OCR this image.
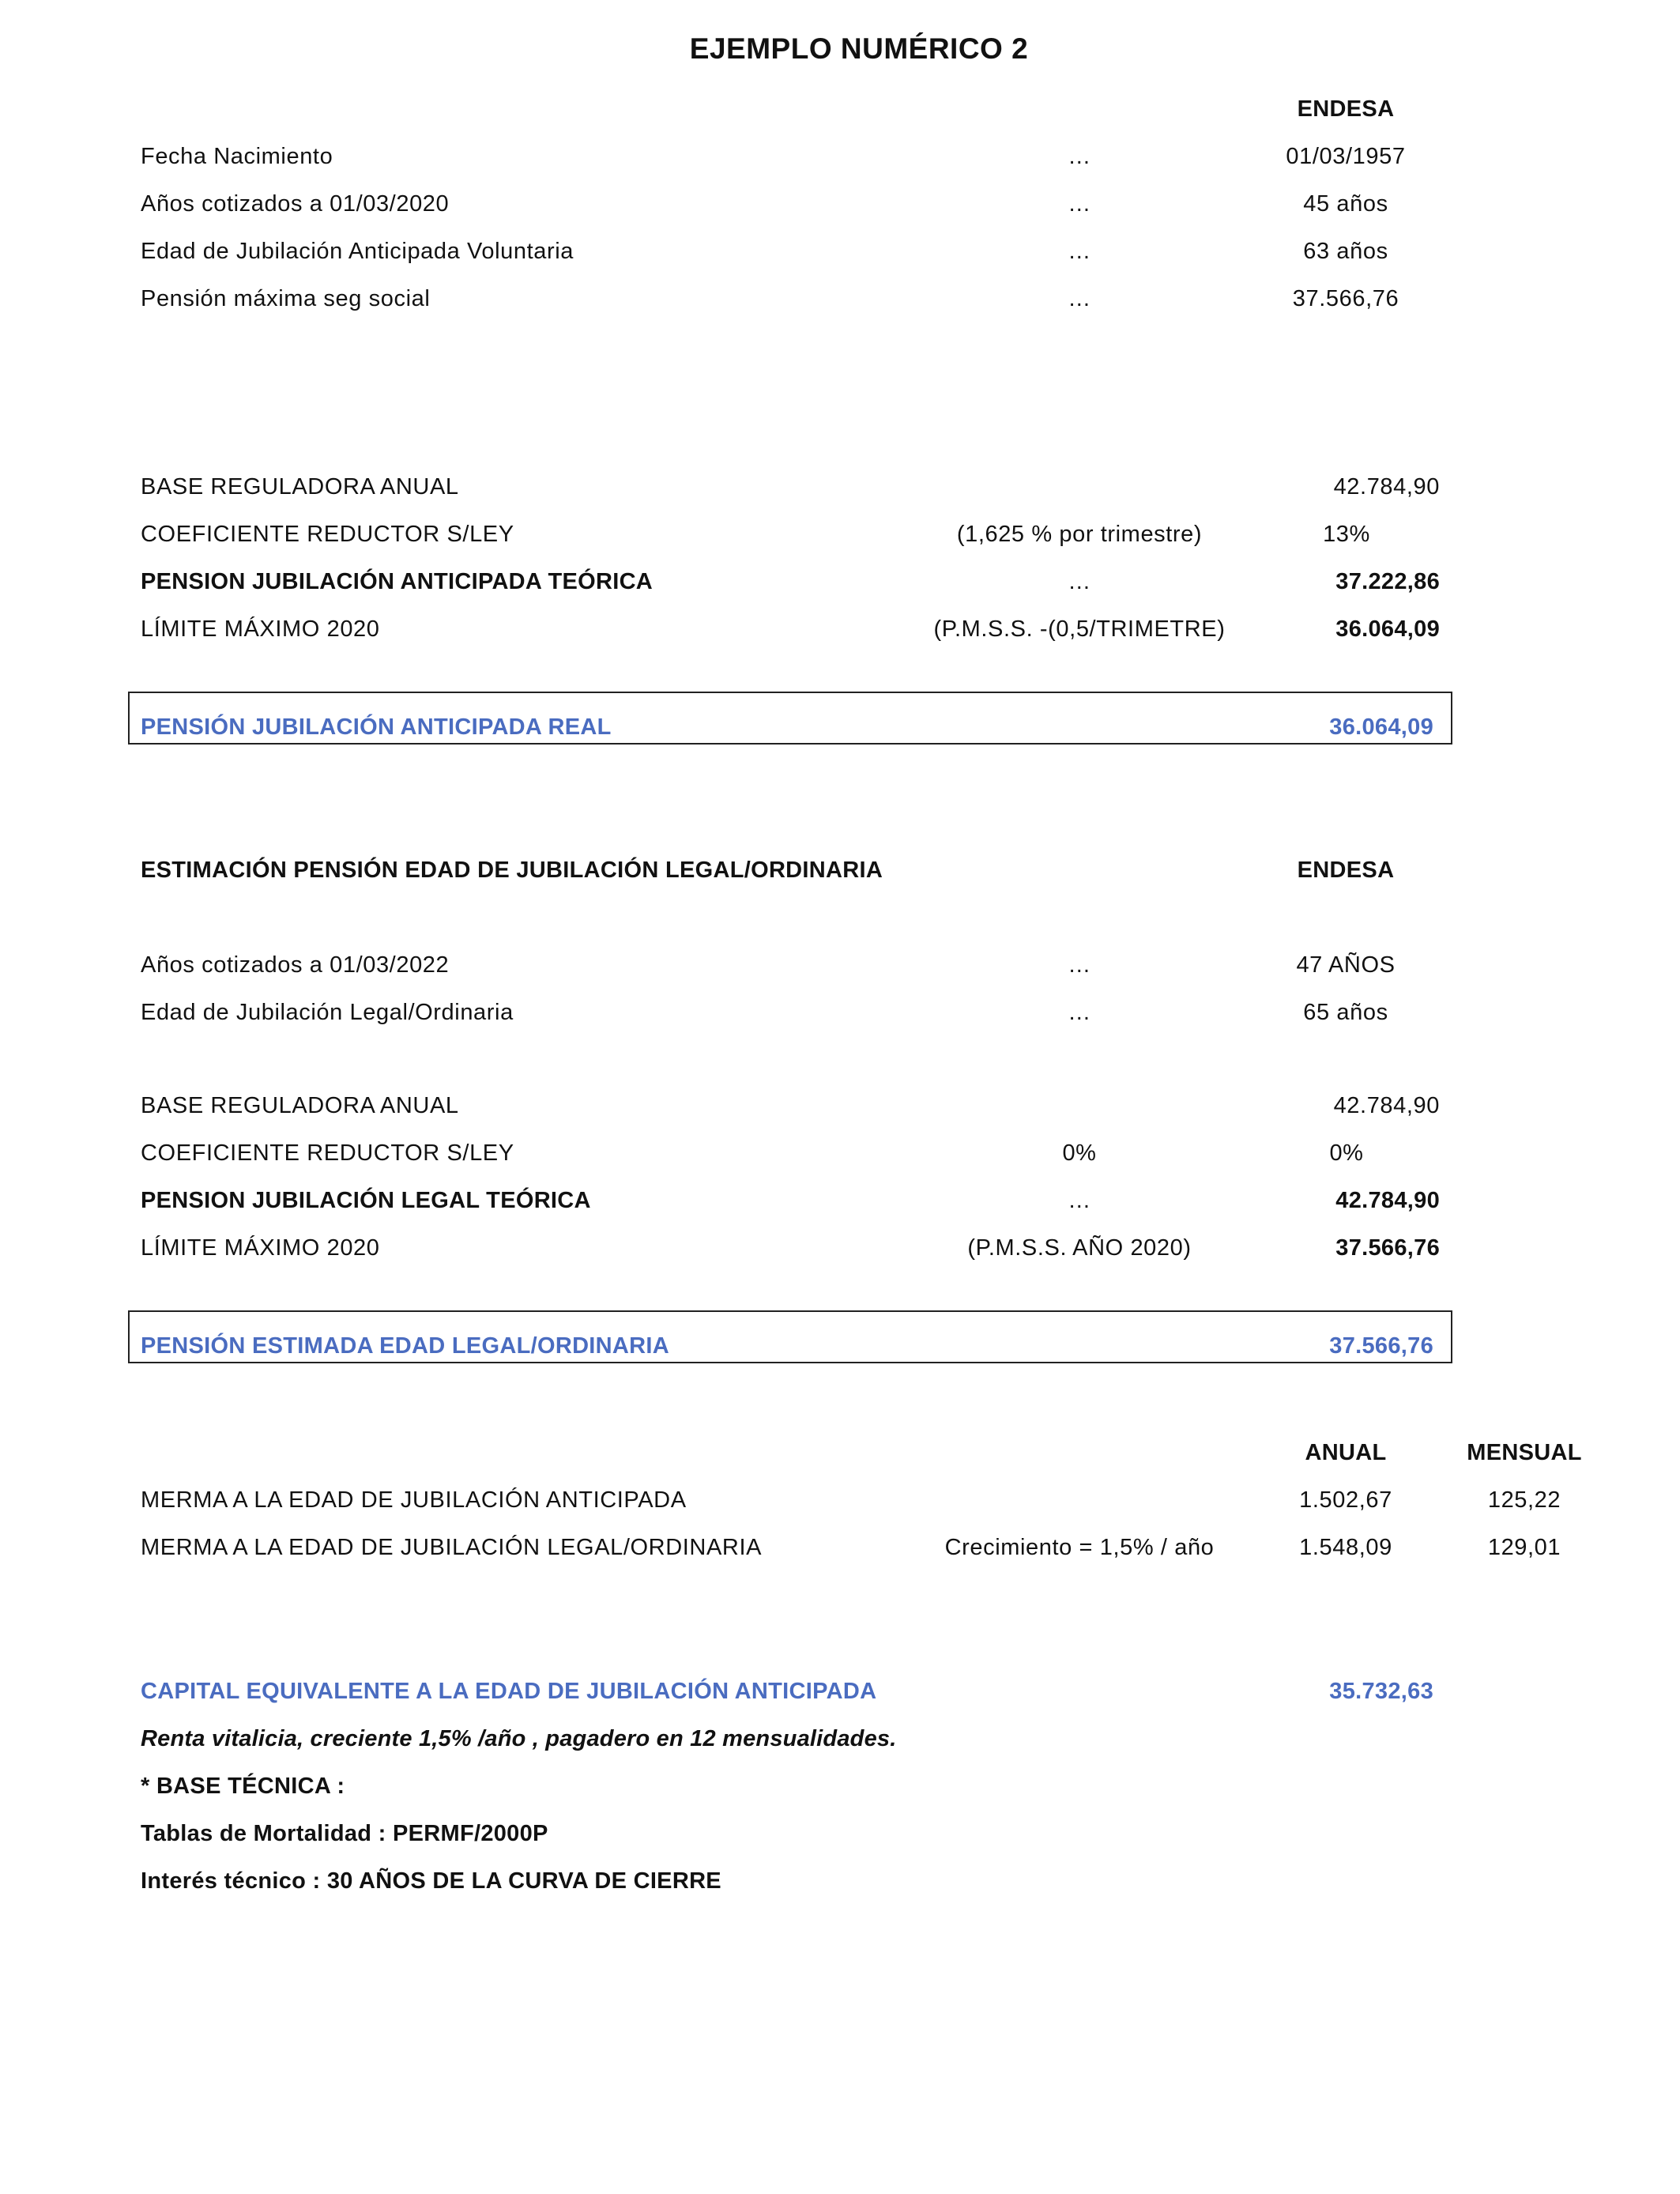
EJEMPLO NUMÉRICO 2
ENDESA
Fecha Nacimiento	…	01/03/1957
Años cotizados a 01/03/2020	…	45 años
Edad de Jubilación Anticipada Voluntaria	…	63 años
Pensión máxima seg social	…	37.566,76
BASE REGULADORA ANUAL	42.784,90
COEFICIENTE REDUCTOR S/LEY	(1,625 % por trimestre)	13%
PENSION JUBILACIÓN ANTICIPADA TEÓRICA	…	37.222,86
LÍMITE MÁXIMO 2020	(P.M.S.S. -(0,5/TRIMETRE)	36.064,09
PENSIÓN JUBILACIÓN ANTICIPADA REAL	36.064,09
ESTIMACIÓN PENSIÓN EDAD DE JUBILACIÓN LEGAL/ORDINARIA	ENDESA
Años cotizados a 01/03/2022	…	47 AÑOS
Edad de Jubilación Legal/Ordinaria	…	65 años
BASE REGULADORA ANUAL	42.784,90
COEFICIENTE REDUCTOR S/LEY	0%	0%
PENSION JUBILACIÓN LEGAL TEÓRICA	…	42.784,90
LÍMITE MÁXIMO 2020	(P.M.S.S. AÑO 2020)	37.566,76
PENSIÓN ESTIMADA EDAD LEGAL/ORDINARIA	37.566,76
ANUAL	MENSUAL
MERMA A LA EDAD DE JUBILACIÓN ANTICIPADA	1.502,67	125,22
MERMA A LA EDAD DE JUBILACIÓN LEGAL/ORDINARIA	Crecimiento = 1,5% / año	1.548,09	129,01
CAPITAL EQUIVALENTE A LA EDAD DE JUBILACIÓN ANTICIPADA	35.732,63
Renta vitalicia, creciente 1,5% /año , pagadero en 12 mensualidades.
* BASE TÉCNICA :
Tablas de Mortalidad : PERMF/2000P
Interés técnico : 30 AÑOS DE LA CURVA DE CIERRE
